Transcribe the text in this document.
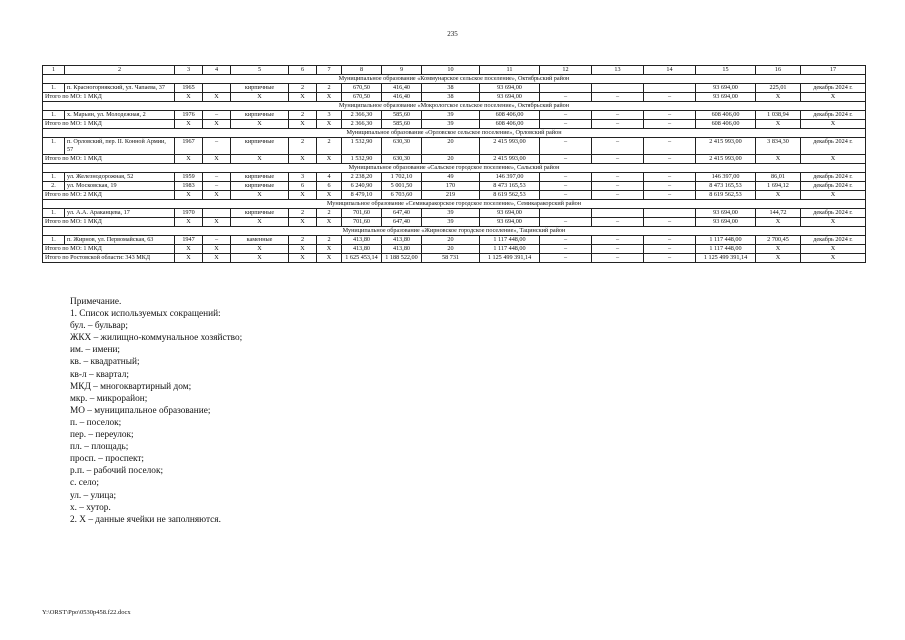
235
1	2	3	4	5	6	7	8	9	10	11	12	13	14	15	16	17
Муниципальное образование «Коммунарское сельское поселение», Октябрьский район																
1.	п. Красногорнякский, ул. Чапаева, 37	1965		кирпичные	2	2	670,50	416,40	38	93 694,00				93 694,00	225,01	декабрь 2024 г.
Итого по МО: 1 МКД		Х	Х	Х	Х	Х	670,50	416,40	38	93 694,00	–	–	–	93 694,00	Х	Х
Муниципальное образование «Мокрологское сельское поселение», Октябрьский район																
1.	х. Марьин, ул. Молодежная, 2	1976	–	кирпичные	2	3	2 366,30	585,60	39	608 406,00	–	–	–	608 406,00	1 038,94	декабрь 2024 г.
Итого по МО: 1 МКД		Х	Х	Х	Х	Х	2 366,30	585,60	39	608 406,00	–	–	–	608 406,00	Х	Х
Муниципальное образование «Орловское сельское поселение», Орловский район																
1.	п. Орловский, пер. II. Конной Армии, 57	1967	–	кирпичные	2	2	1 532,90	630,30	20	2 415 993,00	–	–	–	2 415 993,00	3 834,30	декабрь 2024 г.
Итого по МО: 1 МКД		Х	Х	Х	Х	Х	1 532,90	630,30	20	2 415 993,00	–	–	–	2 415 993,00	Х	Х
Муниципальное образование «Сальское городское поселение», Сальский район																
1.	ул. Железнодорожная, 52	1959	–	кирпичные	3	4	2 238,20	1 702,10	49	146 397,00	–	–	–	146 397,00	86,01	декабрь 2024 г.
2.	ул. Московская, 19	1983	–	кирпичные	6	6	6 240,90	5 001,50	170	8 473 165,53	–	–	–	8 473 165,53	1 694,12	декабрь 2024 г.
Итого по МО: 2 МКД		Х	Х	Х	Х	Х	8 479,10	6 703,60	219	8 619 562,53	–	–	–	8 619 562,53	Х	Х
Муниципальное образование «Семикаракорское городское поселение», Семикаракорский район																
1.	ул. А.А. Араканцева, 17	1970		кирпичные	2	2	701,60	647,40	39	93 694,00				93 694,00	144,72	декабрь 2024 г.
Итого по МО: 1 МКД		Х	Х	Х	Х	Х	701,60	647,40	39	93 694,00	–	–	–	93 694,00	Х	Х
Муниципальное образование «Жирновское городское поселение», Тацинский район																
1.	п. Жирнов, ул. Первомайская, 63	1947	–	каменные	2	2	413,80	413,80	20	1 117 448,00	–	–	–	1 117 448,00	2 700,45	декабрь 2024 г.
Итого по МО: 1 МКД		Х	Х	Х	Х	Х	413,80	413,80	20	1 117 448,00	–	–	–	1 117 448,00	Х	Х
Итого по Ростовской области: 343 МКД		Х	Х	Х	Х	Х	1 625 453,14	1 188 522,00	58 731	1 125 499 391,14	–	–	–	1 125 499 391,14	Х	Х
Примечание.
1. Список используемых сокращений:
бул. – бульвар;
ЖКХ – жилищно-коммунальное хозяйство;
им. – имени;
кв. – квадратный;
кв-л – квартал;
МКД – многоквартирный дом;
мкр. – микрорайон;
МО – муниципальное образование;
п. – поселок;
пер. – переулок;
пл. – площадь;
просп. – проспект;
р.п. – рабочий поселок;
с. село;
ул. – улица;
х. – хутор.
2. Х – данные ячейки не заполняются.
Y:\ORST\Ppo\0530p458.f22.docx
